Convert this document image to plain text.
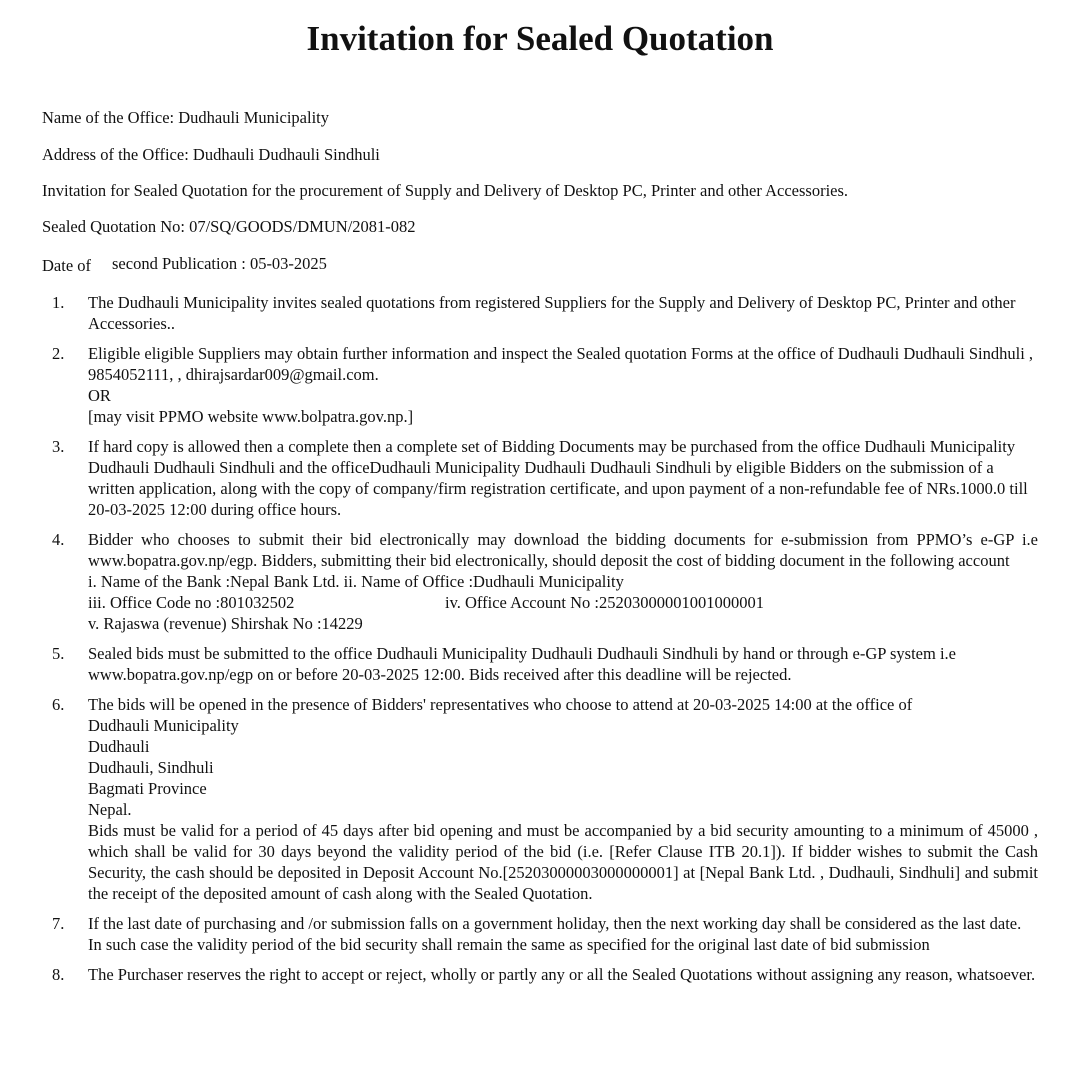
Invitation for Sealed Quotation
Name of the Office: Dudhauli Municipality
Address of the Office: Dudhauli Dudhauli Sindhuli
Invitation for Sealed Quotation for the procurement of Supply and Delivery of Desktop PC, Printer and other Accessories.
Sealed Quotation No: 07/SQ/GOODS/DMUN/2081-082
Date of second Publication : 05-03-2025
1. The Dudhauli Municipality invites sealed quotations from registered Suppliers for the Supply and Delivery of Desktop PC, Printer and other Accessories..
2. Eligible eligible Suppliers may obtain further information and inspect the Sealed quotation Forms at the office of Dudhauli Dudhauli Sindhuli , 9854052111, , dhirajsardar009@gmail.com.
OR
[may visit PPMO website www.bolpatra.gov.np.]
3. If hard copy is allowed then a complete then a complete set of Bidding Documents may be purchased from the office Dudhauli Municipality Dudhauli Dudhauli Sindhuli and the officeDudhauli Municipality Dudhauli Dudhauli Sindhuli by eligible Bidders on the submission of a written application, along with the copy of company/firm registration certificate, and upon payment of a non-refundable fee of NRs.1000.0 till 20-03-2025 12:00 during office hours.
4. Bidder who chooses to submit their bid electronically may download the bidding documents for e-submission from PPMO’s e-GP i.e www.bopatra.gov.np/egp. Bidders, submitting their bid electronically, should deposit the cost of bidding document in the following account
i. Name of the Bank :Nepal Bank Ltd. ii. Name of Office :Dudhauli Municipality
iii. Office Code no :801032502	iv. Office Account No :25203000001001000001
v. Rajaswa (revenue) Shirshak No :14229
5. Sealed bids must be submitted to the office Dudhauli Municipality Dudhauli Dudhauli Sindhuli by hand or through e-GP system i.e www.bopatra.gov.np/egp on or before 20-03-2025 12:00. Bids received after this deadline will be rejected.
6. The bids will be opened in the presence of Bidders' representatives who choose to attend at 20-03-2025 14:00 at the office of
Dudhauli Municipality
Dudhauli
Dudhauli, Sindhuli
Bagmati Province
Nepal.
Bids must be valid for a period of 45 days after bid opening and must be accompanied by a bid security amounting to a minimum of 45000 , which shall be valid for 30 days beyond the validity period of the bid (i.e. [Refer Clause ITB 20.1]). If bidder wishes to submit the Cash Security, the cash should be deposited in Deposit Account No.[25203000003000000001] at [Nepal Bank Ltd. , Dudhauli, Sindhuli] and submit the receipt of the deposited amount of cash along with the Sealed Quotation.
7. If the last date of purchasing and /or submission falls on a government holiday, then the next working day shall be considered as the last date. In such case the validity period of the bid security shall remain the same as specified for the original last date of bid submission
8. The Purchaser reserves the right to accept or reject, wholly or partly any or all the Sealed Quotations without assigning any reason, whatsoever.
